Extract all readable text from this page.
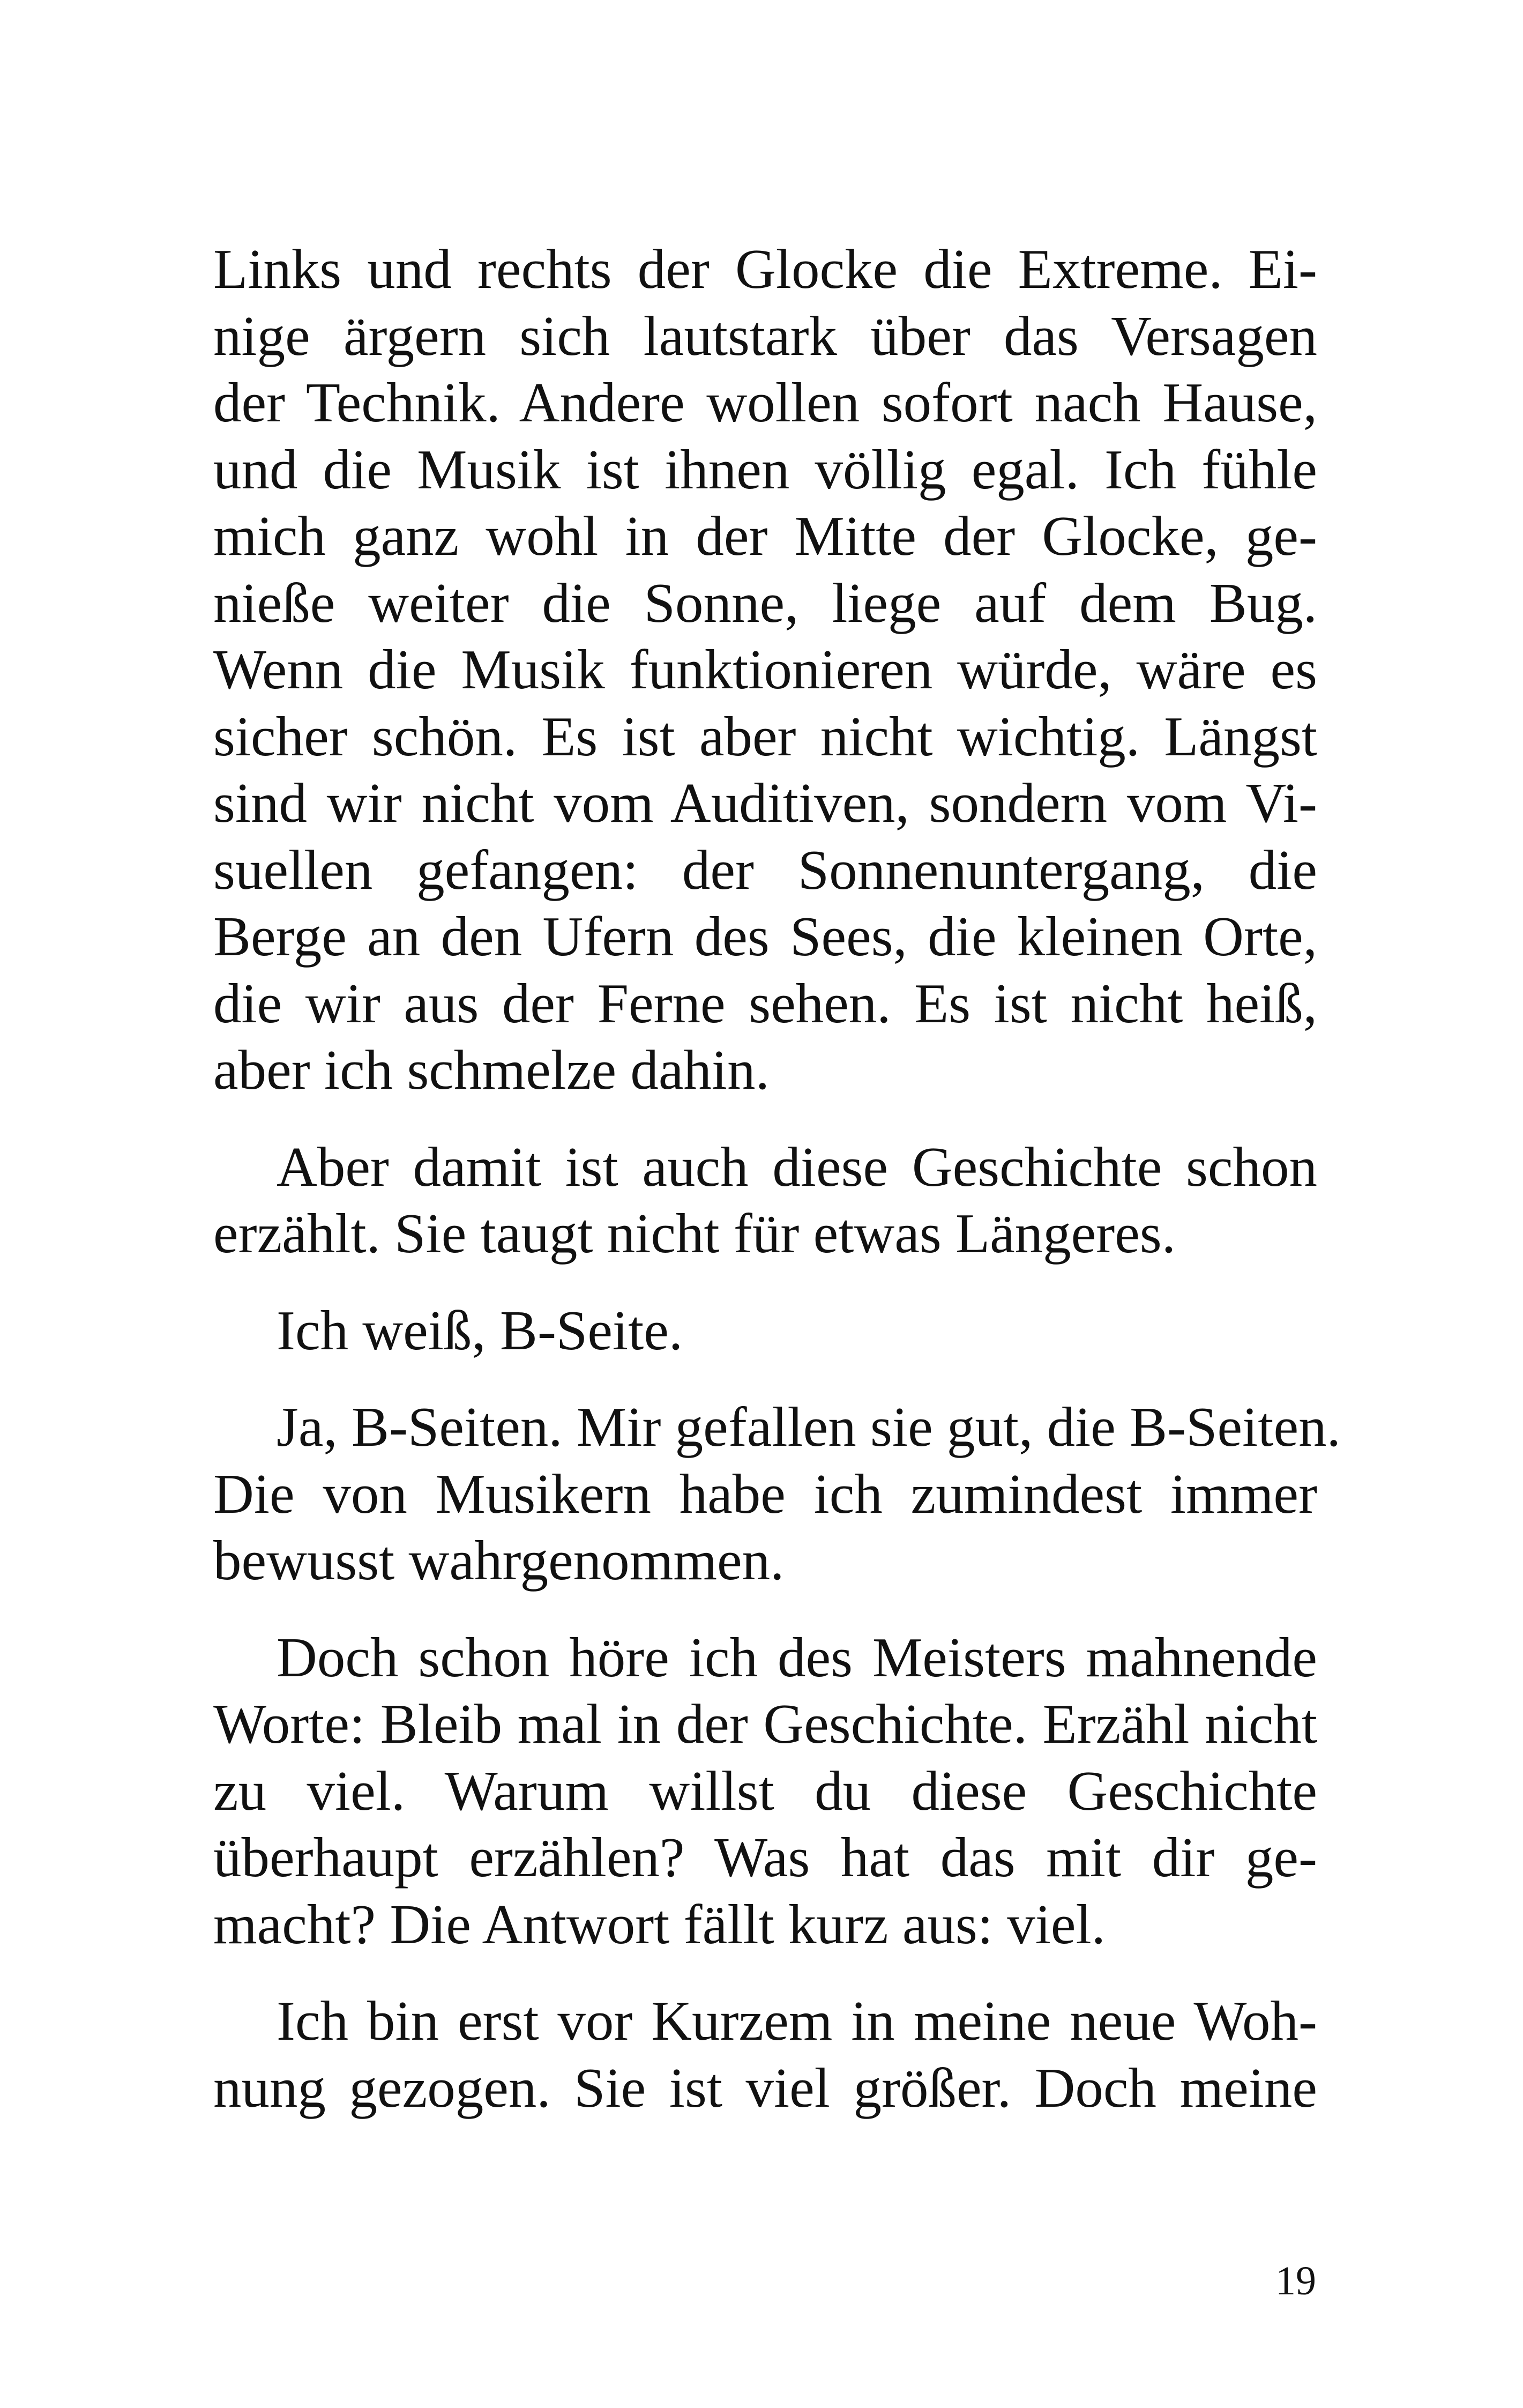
Links und rechts der Glocke die Extreme. Ei-
nige ärgern sich lautstark über das Versagen
der Technik. Andere wollen sofort nach Hause,
und die Musik ist ihnen völlig egal. Ich fühle
mich ganz wohl in der Mitte der Glocke, ge-
nieße weiter die Sonne, liege auf dem Bug.
Wenn die Musik funktionieren würde, wäre es
sicher schön. Es ist aber nicht wichtig. Längst
sind wir nicht vom Auditiven, sondern vom Vi-
suellen gefangen: der Sonnenuntergang, die
Berge an den Ufern des Sees, die kleinen Orte,
die wir aus der Ferne sehen. Es ist nicht heiß,
aber ich schmelze dahin.

Aber damit ist auch diese Geschichte schon
erzählt. Sie taugt nicht für etwas Längeres.

Ich weiß, B-Seite.

Ja, B-Seiten. Mir gefallen sie gut, die B-Seiten.
Die von Musikern habe ich zumindest immer
bewusst wahrgenommen.

Doch schon höre ich des Meisters mahnende
Worte: Bleib mal in der Geschichte. Erzähl nicht
zu viel. Warum willst du diese Geschichte
überhaupt erzählen? Was hat das mit dir ge-
macht? Die Antwort fällt kurz aus: viel.

Ich bin erst vor Kurzem in meine neue Woh-
nung gezogen. Sie ist viel größer. Doch meine

19
